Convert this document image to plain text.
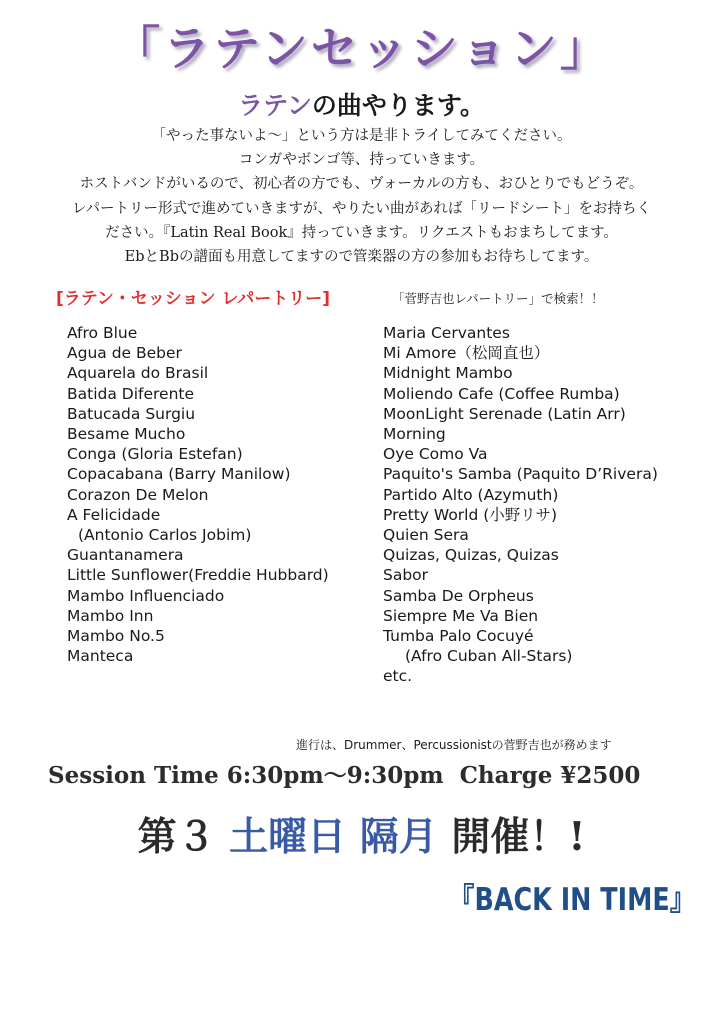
「ラテンセッション」
ラテンの曲やります。
「やった事ないよ〜」という方は是非トライしてみてください。
コンガやボンゴ等、持っていきます。
ホストバンドがいるので、初心者の方でも、ヴォーカルの方も、おひとりでもどうぞ。
レパートリー形式で進めていきますが、やりたい曲があれば「リードシート」をお持ちく
ださい。『Latin Real Book』持っていきます。リクエストもおまちしてます。
EbとBbの譜面も用意してますので管楽器の方の参加もお待ちしてます。
[ラテン・セッション レパートリー]	「菅野吉也レパートリー」で検索！！
Afro Blue
Agua de Beber
Aquarela do Brasil
Batida Diferente
Batucada Surgiu
Besame Mucho
Conga (Gloria Estefan)
Copacabana (Barry Manilow)
Corazon De Melon
A Felicidade
(Antonio Carlos Jobim)
Guantanamera
Little Sunflower(Freddie Hubbard)
Mambo Influenciado
Mambo Inn
Mambo No.5
Manteca
Maria Cervantes
Mi Amore（松岡直也）
Midnight Mambo
Moliendo Cafe (Coffee Rumba)
MoonLight Serenade (Latin Arr)
Morning
Oye Como Va
Paquito's Samba (Paquito D’Rivera)
Partido Alto (Azymuth)
Pretty World (小野リサ)
Quien Sera
Quizas, Quizas, Quizas
Sabor
Samba De Orpheus
Siempre Me Va Bien
Tumba Palo Cocuyé
(Afro Cuban All-Stars)
etc.
進行は、Drummer、Percussionistの菅野吉也が務めます
Session Time 6:30pm〜9:30pm Charge ¥2500
第３ 土曜日 隔月 開催！!
『BACK IN TIME』
